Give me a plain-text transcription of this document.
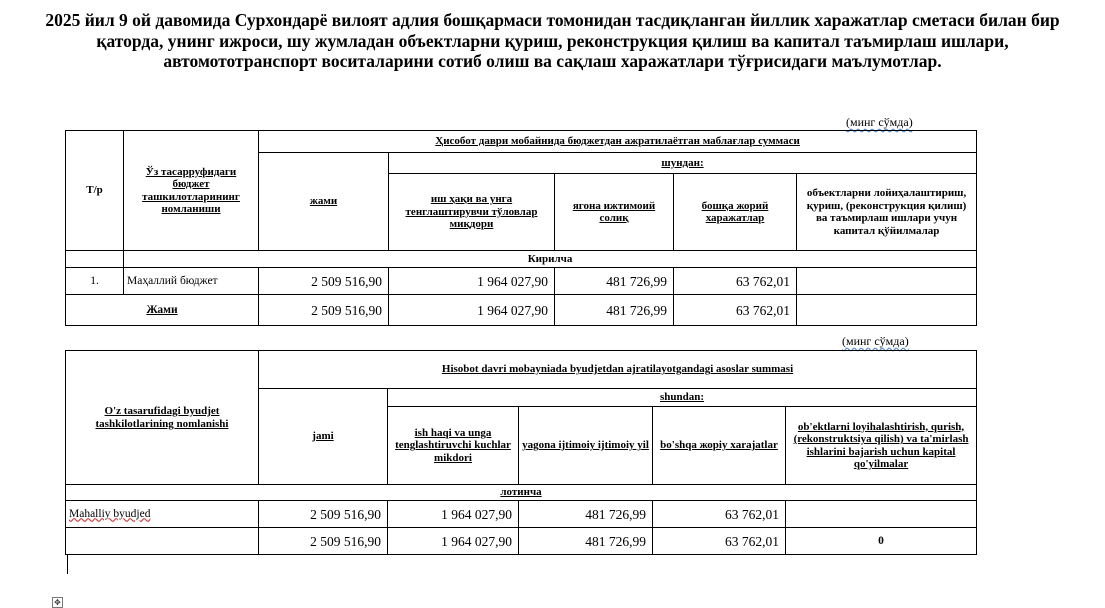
2025 йил 9 ой давомида Сурхондарё вилоят адлия бошқармаси томонидан тасдиқланган йиллик харажатлар сметаси билан бир қаторда, унинг ижроси, шу жумладан объектларни қуриш, реконструкция қилиш ва капитал таъмирлаш ишлари, автомототранспорт воситаларини сотиб олиш ва сақлаш харажатлари тўғрисидаги маълумотлар.
(минг сўмда)
Т/р	Ўз тасарруфидаги бюджет ташкилотларининг номланиши	Ҳисобот даври мобайнида бюджетдан ажратилаётган маблағлар суммаси				
		жами	шундан:			
			иш ҳақи ва унга тенглаштирувчи тўловлар миқдори	ягона ижтимоий солиқ	бошқа жорий харажатлар	объектларни лойиҳалаштириш, қуриш, (реконструкция қилиш) ва таъмирлаш ишлари учун капитал қўйилмалар
	Кирилча					
1.	Маҳаллий бюджет	2 509 516,90	1 964 027,90	481 726,99	63 762,01	
Жами		2 509 516,90	1 964 027,90	481 726,99	63 762,01	
(минг сўмда)
O'z tasarufidagi byudjet tashkilotlarining nomlanishi	Hisobot davri mobayniada byudjetdan ajratilayotgandagi asoslar summasi				
	jami	shundan:			
		ish haqi va unga tenglashtiruvchi kuchlar mikdori	yagona ijtimoiy ijtimoiy yil	bo'shqa жорiy xarajatlar	ob'ektlarni loyihalashtirish, qurish, (rekonstruktsiya qilish) va ta'mirlash ishlarini bajarish uchun kapital qo'yilmalar
лотинча					
Mahalliy byudjed	2 509 516,90	1 964 027,90	481 726,99	63 762,01	
	2 509 516,90	1 964 027,90	481 726,99	63 762,01	0
✥
